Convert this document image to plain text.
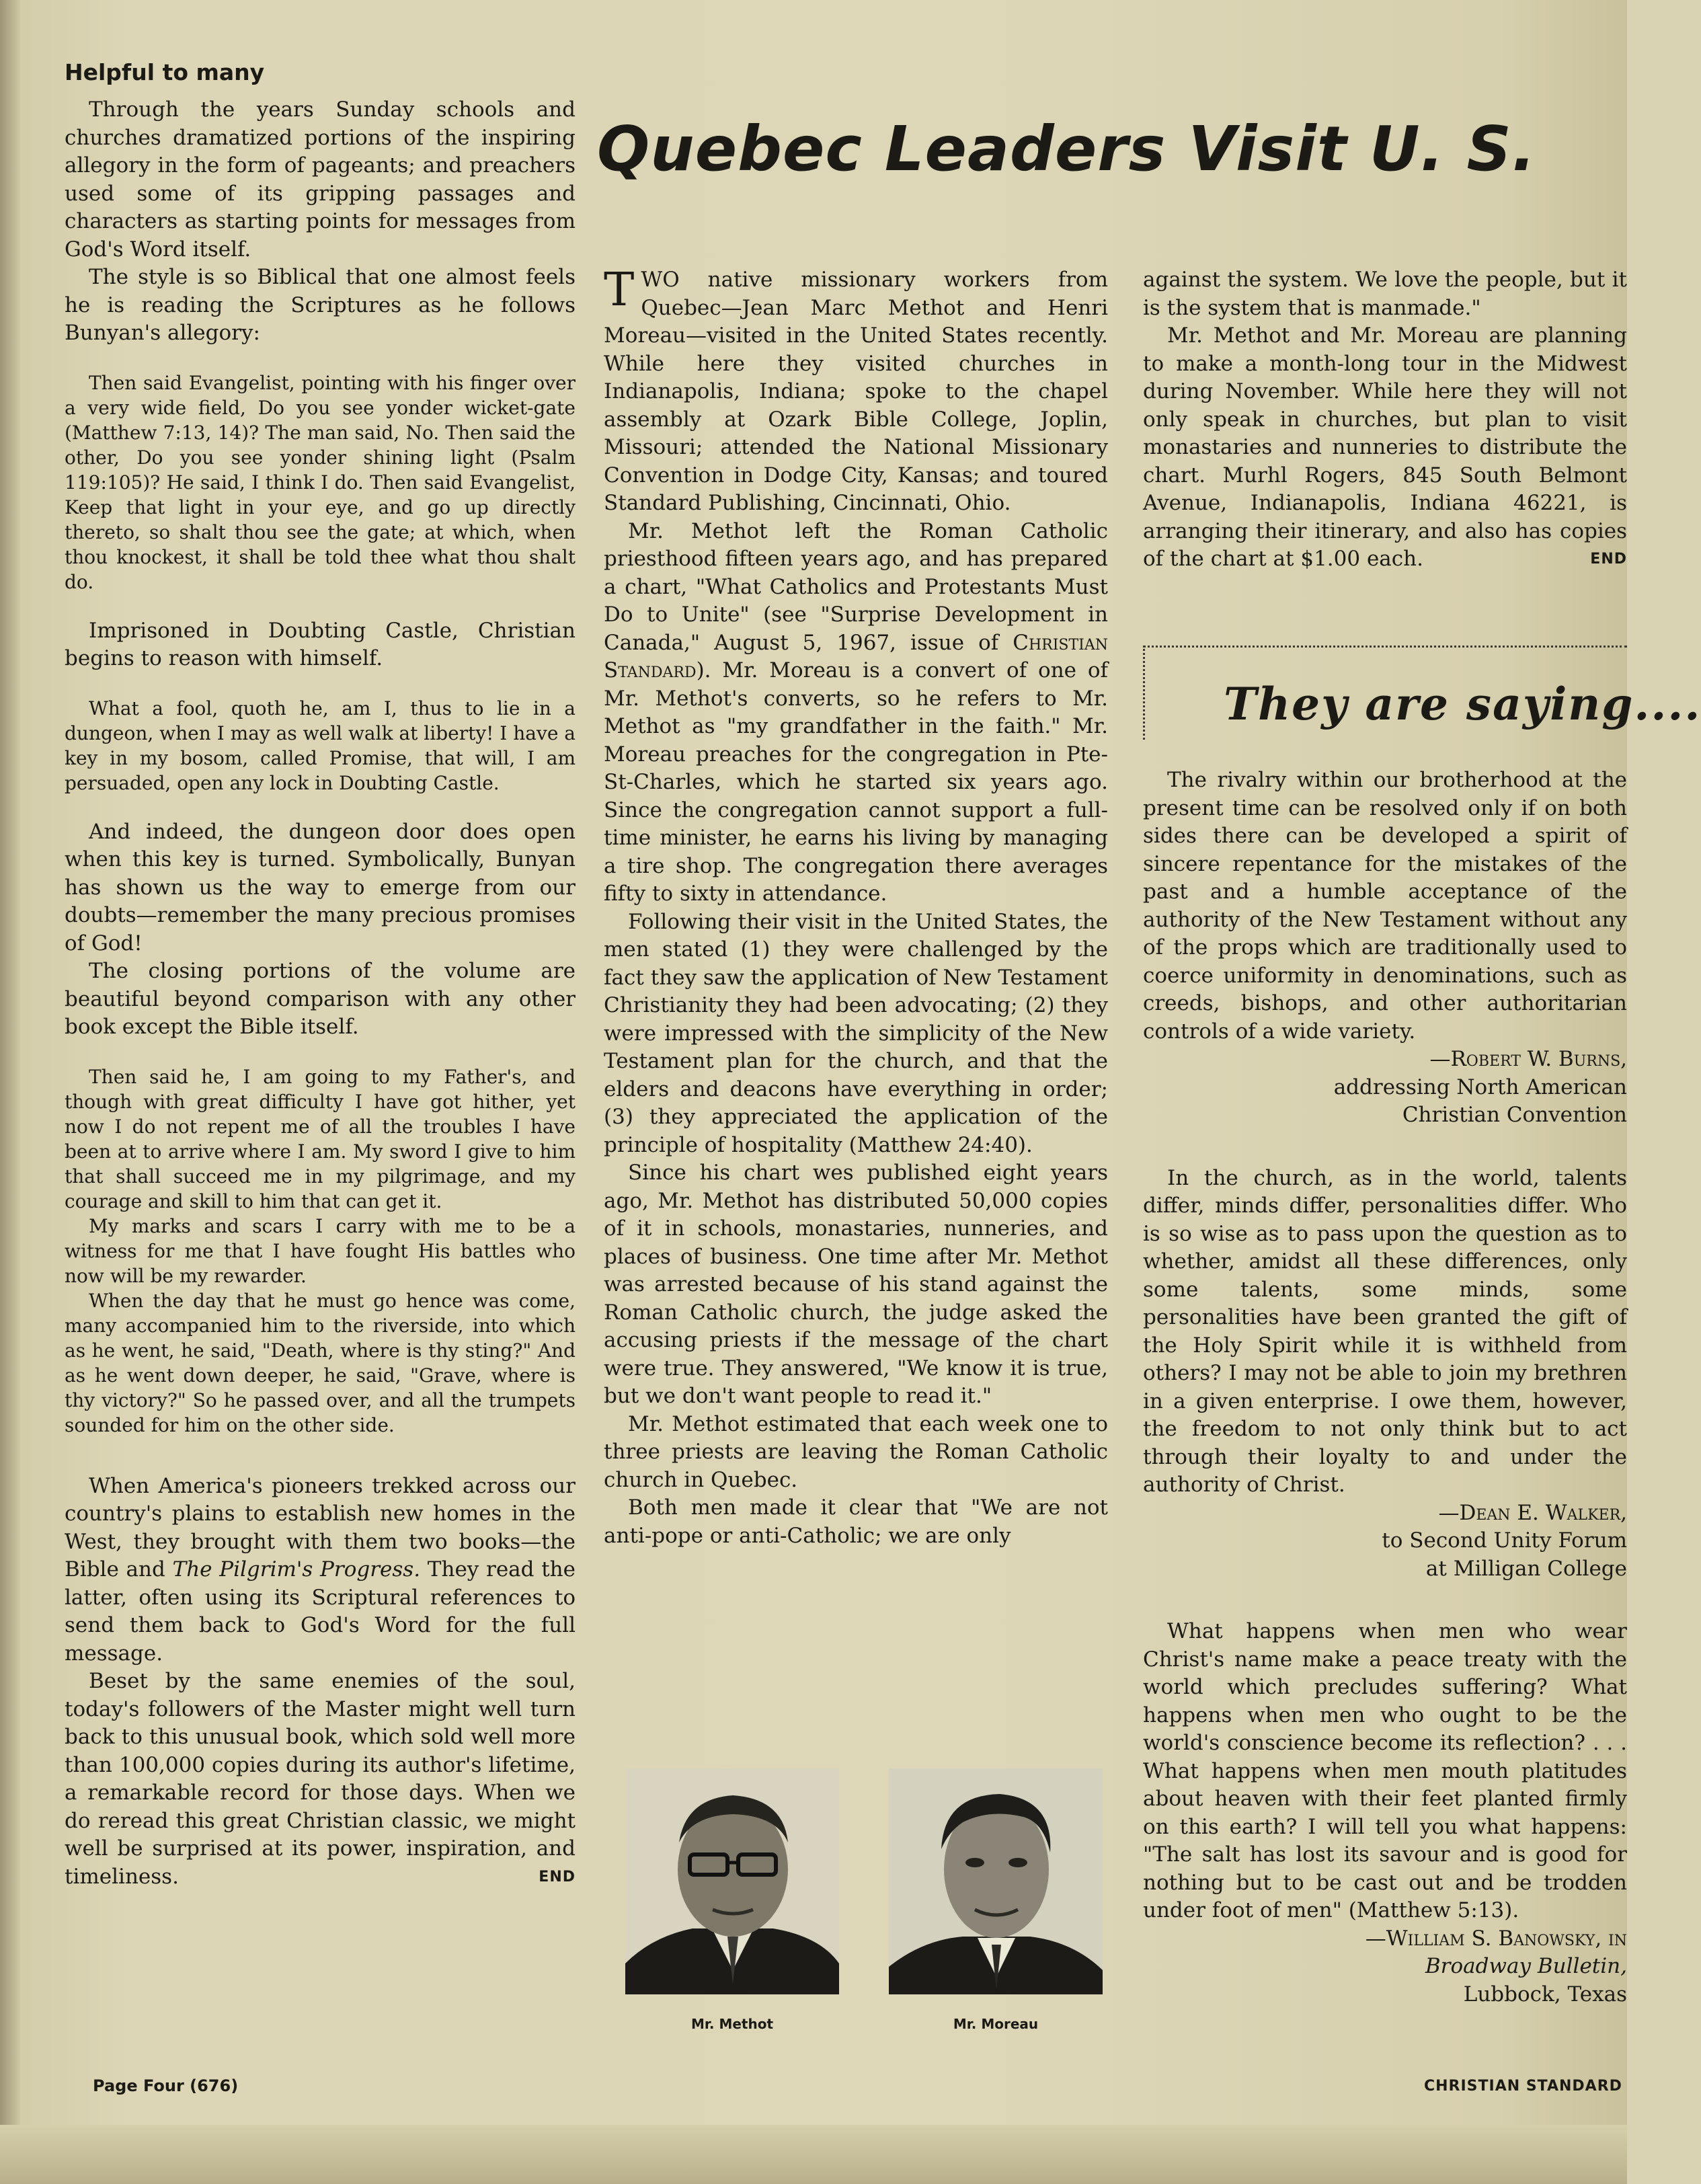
Helpful to many

Through the years Sunday schools and churches dramatized portions of the inspiring allegory in the form of pageants; and preachers used some of its gripping passages and characters as starting points for messages from God's Word itself.

The style is so Biblical that one almost feels he is reading the Scriptures as he follows Bunyan's allegory:

Then said Evangelist, pointing with his finger over a very wide field, Do you see yonder wicket-gate (Matthew 7:13, 14)? The man said, No. Then said the other, Do you see yonder shining light (Psalm 119:105)? He said, I think I do. Then said Evangelist, Keep that light in your eye, and go up directly thereto, so shalt thou see the gate; at which, when thou knockest, it shall be told thee what thou shalt do.

Imprisoned in Doubting Castle, Christian begins to reason with himself.

What a fool, quoth he, am I, thus to lie in a dungeon, when I may as well walk at liberty! I have a key in my bosom, called Promise, that will, I am persuaded, open any lock in Doubting Castle.

And indeed, the dungeon door does open when this key is turned. Symbolically, Bunyan has shown us the way to emerge from our doubts—remember the many precious promises of God!

The closing portions of the volume are beautiful beyond comparison with any other book except the Bible itself.

Then said he, I am going to my Father's, and though with great difficulty I have got hither, yet now I do not repent me of all the troubles I have been at to arrive where I am. My sword I give to him that shall succeed me in my pilgrimage, and my courage and skill to him that can get it.

My marks and scars I carry with me to be a witness for me that I have fought His battles who now will be my rewarder.

When the day that he must go hence was come, many accompanied him to the riverside, into which as he went, he said, "Death, where is thy sting?" And as he went down deeper, he said, "Grave, where is thy victory?" So he passed over, and all the trumpets sounded for him on the other side.

When America's pioneers trekked across our country's plains to establish new homes in the West, they brought with them two books—the Bible and The Pilgrim's Progress. They read the latter, often using its Scriptural references to send them back to God's Word for the full message.

Beset by the same enemies of the soul, today's followers of the Master might well turn back to this unusual book, which sold well more than 100,000 copies during its author's lifetime, a remarkable record for those days. When we do reread this great Christian classic, we might well be surprised at its power, inspiration, and timeliness.	END

Quebec Leaders Visit U. S.

TWO native missionary workers from Quebec—Jean Marc Methot and Henri Moreau—visited in the United States recently. While here they visited churches in Indianapolis, Indiana; spoke to the chapel assembly at Ozark Bible College, Joplin, Missouri; attended the National Missionary Convention in Dodge City, Kansas; and toured Standard Publishing, Cincinnati, Ohio.

Mr. Methot left the Roman Catholic priesthood fifteen years ago, and has prepared a chart, "What Catholics and Protestants Must Do to Unite" (see "Surprise Development in Canada," August 5, 1967, issue of Christian Standard). Mr. Moreau is a convert of one of Mr. Methot's converts, so he refers to Mr. Methot as "my grandfather in the faith." Mr. Moreau preaches for the congregation in Pte-St-Charles, which he started six years ago. Since the congregation cannot support a full-time minister, he earns his living by managing a tire shop. The congregation there averages fifty to sixty in attendance.

Following their visit in the United States, the men stated (1) they were challenged by the fact they saw the application of New Testament Christianity they had been advocating; (2) they were impressed with the simplicity of the New Testament plan for the church, and that the elders and deacons have everything in order; (3) they appreciated the application of the principle of hospitality (Matthew 24:40).

Since his chart wes published eight years ago, Mr. Methot has distributed 50,000 copies of it in schools, monastaries, nunneries, and places of business. One time after Mr. Methot was arrested because of his stand against the Roman Catholic church, the judge asked the accusing priests if the message of the chart were true. They answered, "We know it is true, but we don't want people to read it."

Mr. Methot estimated that each week one to three priests are leaving the Roman Catholic church in Quebec.

Both men made it clear that "We are not anti-pope or anti-Catholic; we are only

Mr. Methot	Mr. Moreau

against the system. We love the people, but it is the system that is manmade."

Mr. Methot and Mr. Moreau are planning to make a month-long tour in the Midwest during November. While here they will not only speak in churches, but plan to visit monastaries and nunneries to distribute the chart. Murhl Rogers, 845 South Belmont Avenue, Indianapolis, Indiana 46221, is arranging their itinerary, and also has copies of the chart at $1.00 each.	END

They are saying....

The rivalry within our brotherhood at the present time can be resolved only if on both sides there can be developed a spirit of sincere repentance for the mistakes of the past and a humble acceptance of the authority of the New Testament without any of the props which are traditionally used to coerce uniformity in denominations, such as creeds, bishops, and other authoritarian controls of a wide variety.

—Robert W. Burns,

addressing North American

Christian Convention

In the church, as in the world, talents differ, minds differ, personalities differ. Who is so wise as to pass upon the question as to whether, amidst all these differences, only some talents, some minds, some personalities have been granted the gift of the Holy Spirit while it is withheld from others? I may not be able to join my brethren in a given enterprise. I owe them, however, the freedom to not only think but to act through their loyalty to and under the authority of Christ.

—Dean E. Walker,

to Second Unity Forum

at Milligan College

What happens when men who wear Christ's name make a peace treaty with the world which precludes suffering? What happens when men who ought to be the world's conscience become its reflection? . . . What happens when men mouth platitudes about heaven with their feet planted firmly on this earth? I will tell you what happens: "The salt has lost its savour and is good for nothing but to be cast out and be trodden under foot of men" (Matthew 5:13).

—William S. Banowsky, in

Broadway Bulletin,

Lubbock, Texas

Page Four (676)	CHRISTIAN STANDARD
